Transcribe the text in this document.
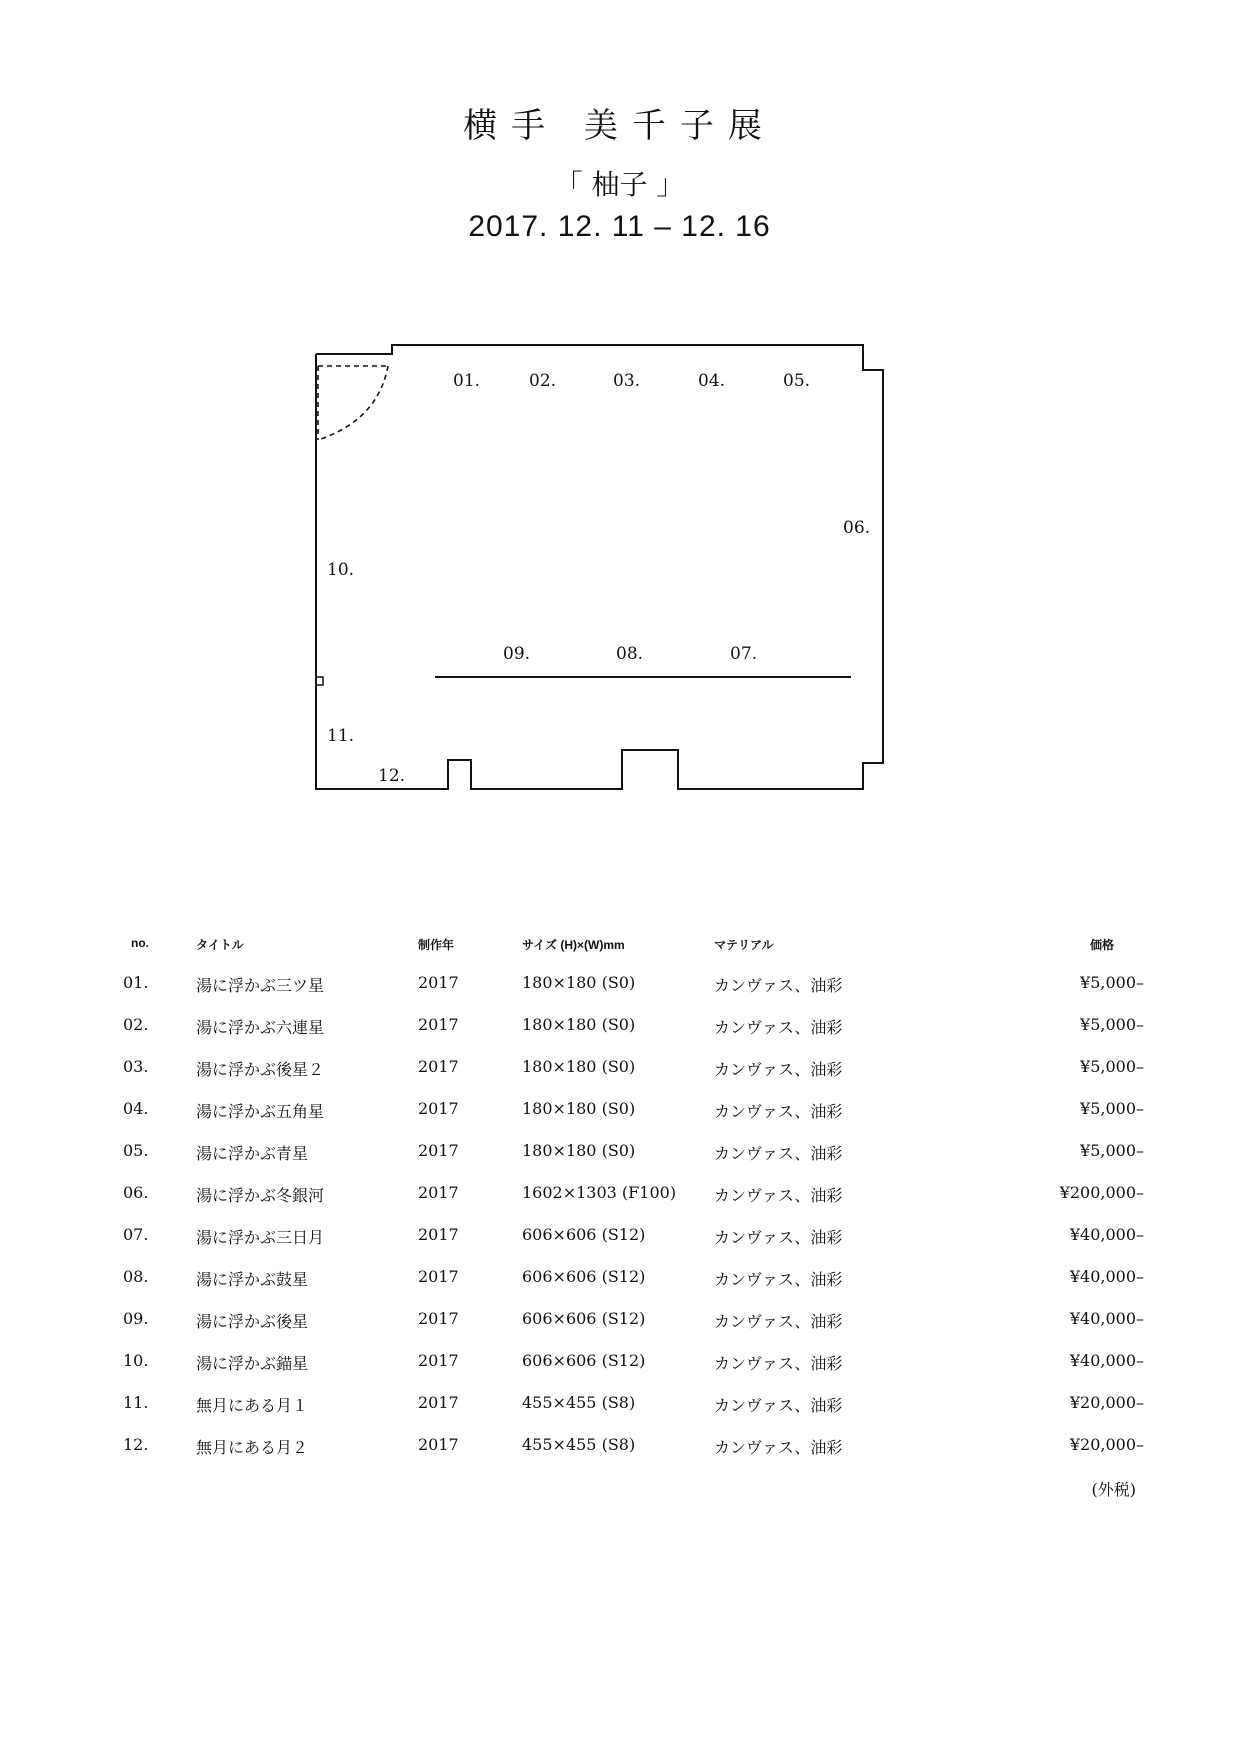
横手 美千子展
「 柚子 」
2017. 12. 11 – 12. 16
01.	02.	03.	04.	05.
06.
07.
08.
09.
10.
11.
12.
no.	タイトル	制作年	サイズ (H)×(W)mm	マテリアル	価格
01.	湯に浮かぶ三ツ星	2017	180×180 (S0)	カンヴァス、油彩	¥5,000–
02.	湯に浮かぶ六連星	2017	180×180 (S0)	カンヴァス、油彩	¥5,000–
03.	湯に浮かぶ後星２	2017	180×180 (S0)	カンヴァス、油彩	¥5,000–
04.	湯に浮かぶ五角星	2017	180×180 (S0)	カンヴァス、油彩	¥5,000–
05.	湯に浮かぶ青星	2017	180×180 (S0)	カンヴァス、油彩	¥5,000–
06.	湯に浮かぶ冬銀河	2017	1602×1303 (F100) カンヴァス、油彩	¥200,000–
07.	湯に浮かぶ三日月	2017	606×606 (S12)	カンヴァス、油彩	¥40,000–
08.	湯に浮かぶ鼓星	2017	606×606 (S12)	カンヴァス、油彩	¥40,000–
09.	湯に浮かぶ後星	2017	606×606 (S12)	カンヴァス、油彩	¥40,000–
10.	湯に浮かぶ錨星	2017	606×606 (S12)	カンヴァス、油彩	¥40,000–
11.	無月にある月１	2017	455×455 (S8)	カンヴァス、油彩	¥20,000–
12.	無月にある月２	2017	455×455 (S8)	カンヴァス、油彩	¥20,000–
(外税)
